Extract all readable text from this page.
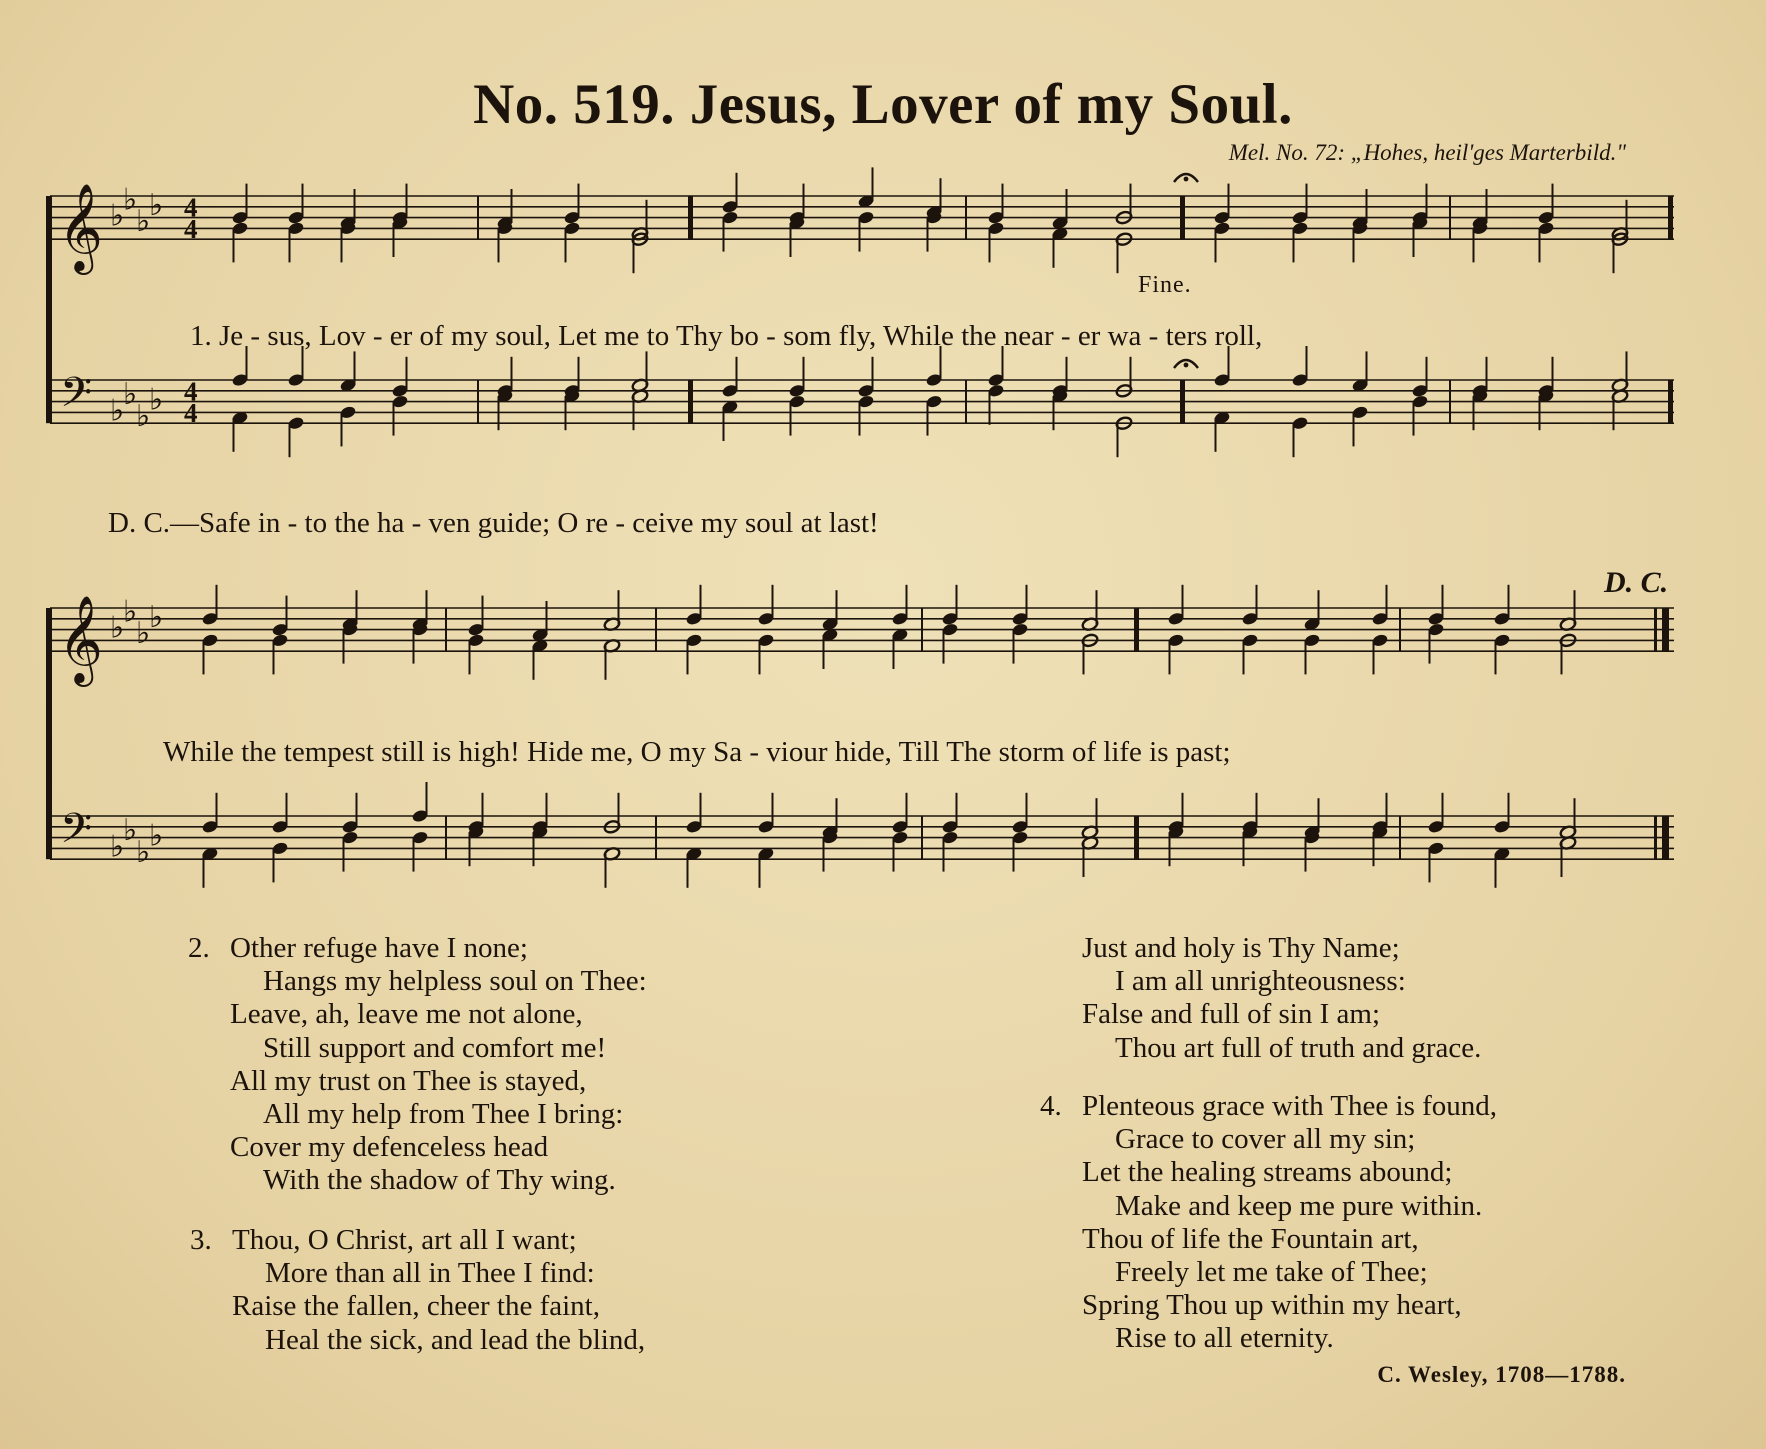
No. 519. Jesus, Lover of my Soul.
Mel. No. 72: „Hohes, heil'ges Marterbild."
𝄞
𝄢
♭
♭
♭
♭
♭
♭
♭
♭
4
4
4
4
𝄞
𝄢
♭
♭
♭
♭
♭
♭
♭
♭
Fine.
D. C.
1. Je - sus, Lov - er of my soul, Let me to Thy bo - som fly, While the near - er wa - ters roll,
D. C.—Safe in - to the ha - ven guide; O re - ceive my soul at last!
While the tempest still is high! Hide me, O my Sa - viour hide, Till The storm of life is past;
2. Other refuge have I none;
Hangs my helpless soul on Thee:
Leave, ah, leave me not alone,
Still support and comfort me!
All my trust on Thee is stayed,
All my help from Thee I bring:
Cover my defenceless head
With the shadow of Thy wing.
3. Thou, O Christ, art all I want;
More than all in Thee I find:
Raise the fallen, cheer the faint,
Heal the sick, and lead the blind,
Just and holy is Thy Name;
I am all unrighteousness:
False and full of sin I am;
Thou art full of truth and grace.
4. Plenteous grace with Thee is found,
Grace to cover all my sin;
Let the healing streams abound;
Make and keep me pure within.
Thou of life the Fountain art,
Freely let me take of Thee;
Spring Thou up within my heart,
Rise to all eternity.
C. Wesley, 1708—1788.
